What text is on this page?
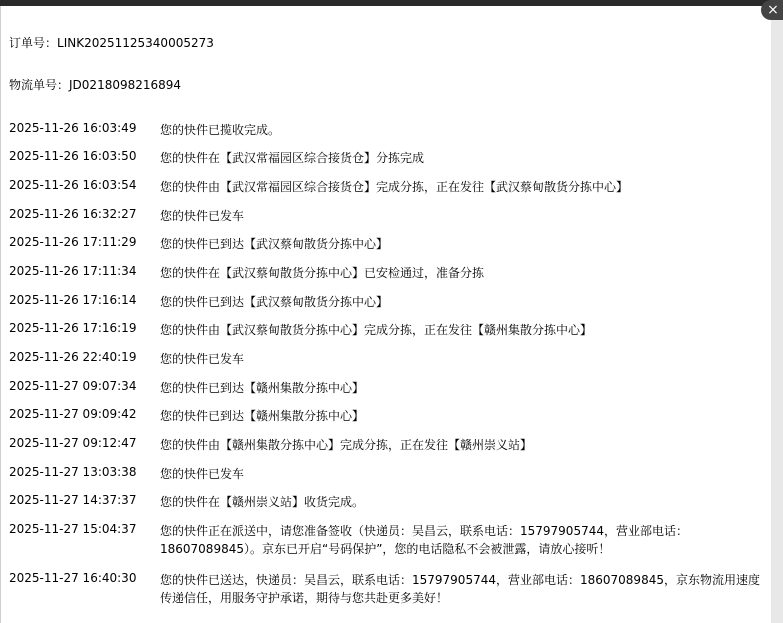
订单号：LINK20251125340005273
物流单号：JD0218098216894
2025-11-26 16:03:49 您的快件已揽收完成。
2025-11-26 16:03:50 您的快件在【武汉常福园区综合接货仓】分拣完成
2025-11-26 16:03:54 您的快件由【武汉常福园区综合接货仓】完成分拣，正在发往【武汉蔡甸散货分拣中心】
2025-11-26 16:32:27 您的快件已发车
2025-11-26 17:11:29 您的快件已到达【武汉蔡甸散货分拣中心】
2025-11-26 17:11:34 您的快件在【武汉蔡甸散货分拣中心】已安检通过，准备分拣
2025-11-26 17:16:14 您的快件已到达【武汉蔡甸散货分拣中心】
2025-11-26 17:16:19 您的快件由【武汉蔡甸散货分拣中心】完成分拣，正在发往【赣州集散分拣中心】
2025-11-26 22:40:19 您的快件已发车
2025-11-27 09:07:34 您的快件已到达【赣州集散分拣中心】
2025-11-27 09:09:42 您的快件已到达【赣州集散分拣中心】
2025-11-27 09:12:47 您的快件由【赣州集散分拣中心】完成分拣，正在发往【赣州崇义站】
2025-11-27 13:03:38 您的快件已发车
2025-11-27 14:37:37 您的快件在【赣州崇义站】收货完成。
2025-11-27 15:04:37 您的快件正在派送中，请您准备签收（快递员：吴昌云，联系电话：15797905744，营业部电话：18607089845）。京东已开启“号码保护”，您的电话隐私不会被泄露，请放心接听！
2025-11-27 16:40:30 您的快件已送达，快递员：吴昌云，联系电话：15797905744，营业部电话：18607089845，京东物流用速度传递信任，用服务守护承诺，期待与您共赴更多美好！
×
